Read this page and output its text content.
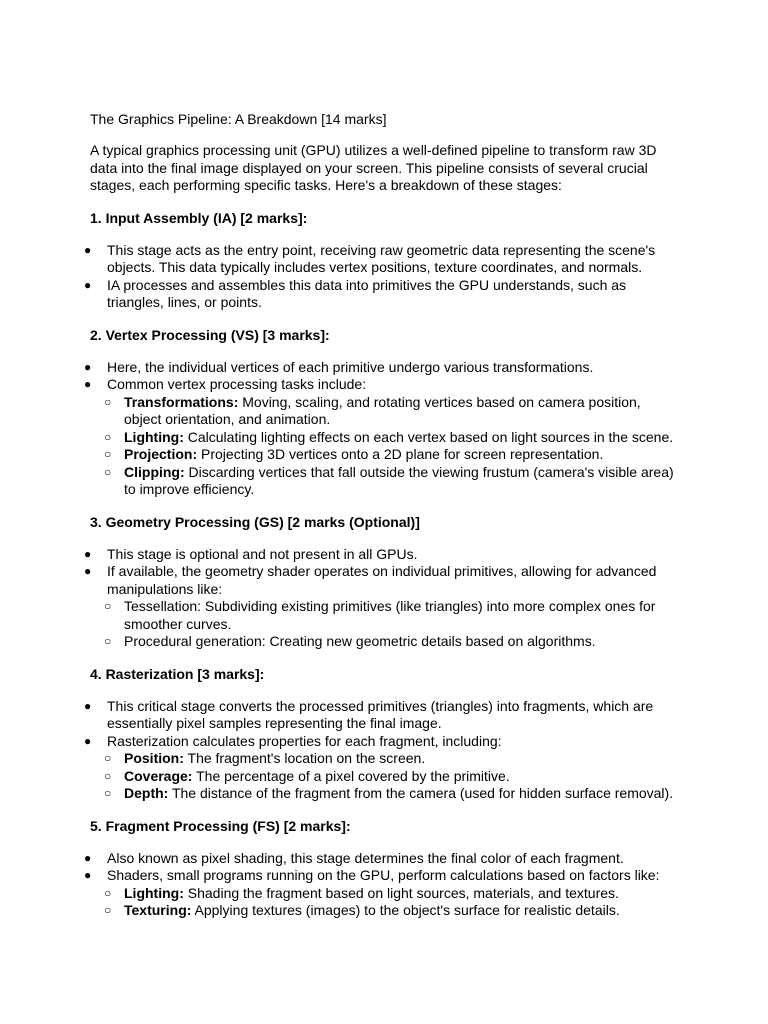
The Graphics Pipeline: A Breakdown [14 marks]

A typical graphics processing unit (GPU) utilizes a well-defined pipeline to transform raw 3D data into the final image displayed on your screen. This pipeline consists of several crucial stages, each performing specific tasks. Here's a breakdown of these stages:

1. Input Assembly (IA) [2 marks]:

● This stage acts as the entry point, receiving raw geometric data representing the scene's objects. This data typically includes vertex positions, texture coordinates, and normals.
● IA processes and assembles this data into primitives the GPU understands, such as triangles, lines, or points.

2. Vertex Processing (VS) [3 marks]:

● Here, the individual vertices of each primitive undergo various transformations.
● Common vertex processing tasks include:
○ Transformations: Moving, scaling, and rotating vertices based on camera position, object orientation, and animation.
○ Lighting: Calculating lighting effects on each vertex based on light sources in the scene.
○ Projection: Projecting 3D vertices onto a 2D plane for screen representation.
○ Clipping: Discarding vertices that fall outside the viewing frustum (camera's visible area) to improve efficiency.

3. Geometry Processing (GS) [2 marks (Optional)]

● This stage is optional and not present in all GPUs.
● If available, the geometry shader operates on individual primitives, allowing for advanced manipulations like:
○ Tessellation: Subdividing existing primitives (like triangles) into more complex ones for smoother curves.
○ Procedural generation: Creating new geometric details based on algorithms.

4. Rasterization [3 marks]:

● This critical stage converts the processed primitives (triangles) into fragments, which are essentially pixel samples representing the final image.
● Rasterization calculates properties for each fragment, including:
○ Position: The fragment's location on the screen.
○ Coverage: The percentage of a pixel covered by the primitive.
○ Depth: The distance of the fragment from the camera (used for hidden surface removal).

5. Fragment Processing (FS) [2 marks]:

● Also known as pixel shading, this stage determines the final color of each fragment.
● Shaders, small programs running on the GPU, perform calculations based on factors like:
○ Lighting: Shading the fragment based on light sources, materials, and textures.
○ Texturing: Applying textures (images) to the object's surface for realistic details.
